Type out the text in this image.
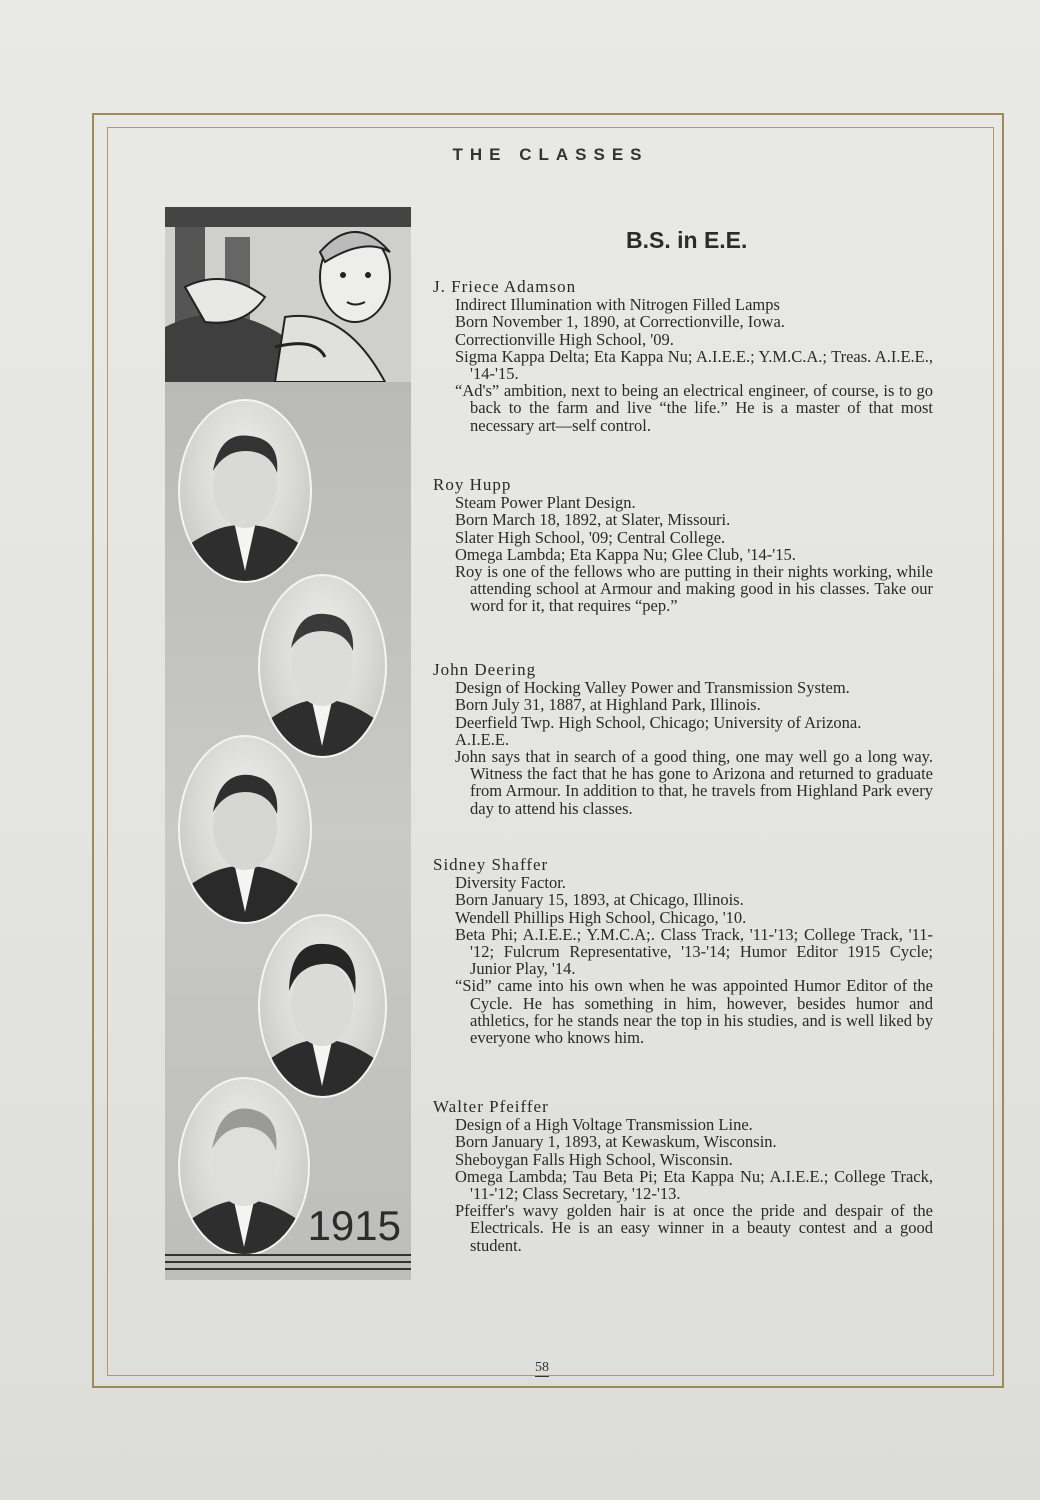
THE CLASSES
1915
B.S. in E.E.
J. Friece Adamson

Indirect Illumination with Nitrogen Filled Lamps

Born November 1, 1890, at Correctionville, Iowa.

Correctionville High School, '09.

Sigma Kappa Delta; Eta Kappa Nu; A.I.E.E.; Y.M.C.A.; Treas. A.I.E.E., '14-'15.

“Ad's” ambition, next to being an electrical engineer, of course, is to go back to the farm and live “the life.” He is a master of that most necessary art—self control.

Roy Hupp

Steam Power Plant Design.

Born March 18, 1892, at Slater, Missouri.

Slater High School, '09; Central College.

Omega Lambda; Eta Kappa Nu; Glee Club, '14-'15.

Roy is one of the fellows who are putting in their nights working, while attending school at Armour and making good in his classes. Take our word for it, that requires “pep.”

John Deering

Design of Hocking Valley Power and Transmission System.

Born July 31, 1887, at Highland Park, Illinois.

Deerfield Twp. High School, Chicago; University of Arizona.

A.I.E.E.

John says that in search of a good thing, one may well go a long way. Witness the fact that he has gone to Arizona and returned to graduate from Armour. In addition to that, he travels from Highland Park every day to attend his classes.

Sidney Shaffer

Diversity Factor.

Born January 15, 1893, at Chicago, Illinois.

Wendell Phillips High School, Chicago, '10.

Beta Phi; A.I.E.E.; Y.M.C.A;. Class Track, '11-'13; College Track, '11-'12; Fulcrum Representative, '13-'14; Humor Editor 1915 Cycle; Junior Play, '14.

“Sid” came into his own when he was appointed Humor Editor of the Cycle. He has something in him, however, besides humor and athletics, for he stands near the top in his studies, and is well liked by everyone who knows him.

Walter Pfeiffer

Design of a High Voltage Transmission Line.

Born January 1, 1893, at Kewaskum, Wisconsin.

Sheboygan Falls High School, Wisconsin.

Omega Lambda; Tau Beta Pi; Eta Kappa Nu; A.I.E.E.; College Track, '11-'12; Class Secretary, '12-'13.

Pfeiffer's wavy golden hair is at once the pride and despair of the Electricals. He is an easy winner in a beauty contest and a good student.

58
